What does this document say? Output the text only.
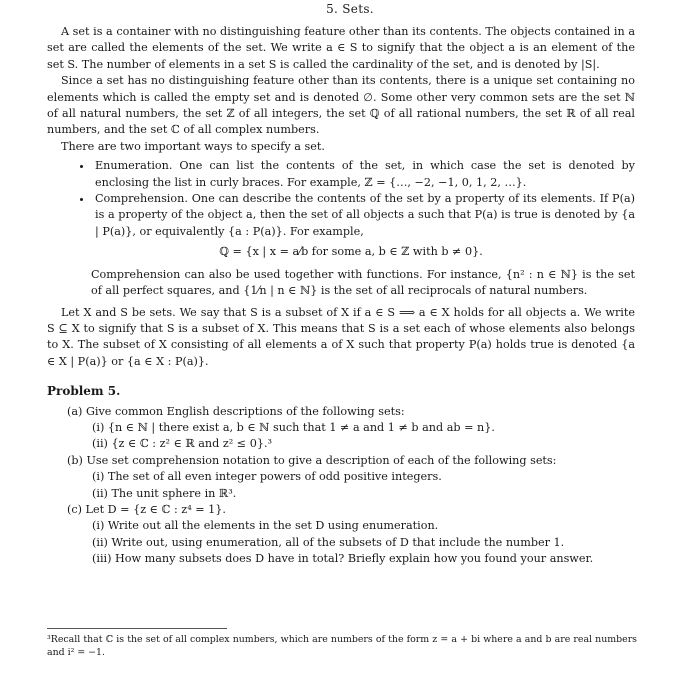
5. Sets.

A set is a container with no distinguishing feature other than its contents. The objects contained in a set are called the elements of the set. We write a ∈ S to signify that the object a is an element of the set S. The number of elements in a set S is called the cardinality of the set, and is denoted by |S|.

Since a set has no distinguishing feature other than its contents, there is a unique set containing no elements which is called the empty set and is denoted ∅. Some other very common sets are the set ℕ of all natural numbers, the set ℤ of all integers, the set ℚ of all rational numbers, the set ℝ of all real numbers, and the set ℂ of all complex numbers.

There are two important ways to specify a set.

• Enumeration. One can list the contents of the set, in which case the set is denoted by enclosing the list in curly braces. For example, ℤ = {…, −2, −1, 0, 1, 2, …}.
• Comprehension. One can describe the contents of the set by a property of its elements. If P(a) is a property of the object a, then the set of all objects a such that P(a) is true is denoted by {a | P(a)}, or equivalently {a : P(a)}. For example,

ℚ = {x | x = a⁄b for some a, b ∈ ℤ with b ≠ 0}.

Comprehension can also be used together with functions. For instance, {n² : n ∈ ℕ} is the set of all perfect squares, and {1⁄n | n ∈ ℕ} is the set of all reciprocals of natural numbers.

Let X and S be sets. We say that S is a subset of X if a ∈ S ⟹ a ∈ X holds for all objects a. We write S ⊆ X to signify that S is a subset of X. This means that S is a set each of whose elements also belongs to X. The subset of X consisting of all elements a of X such that property P(a) holds true is denoted {a ∈ X | P(a)} or {a ∈ X : P(a)}.

Problem 5.

(a) Give common English descriptions of the following sets:

(i) {n ∈ ℕ | there exist a, b ∈ ℕ such that 1 ≠ a and 1 ≠ b and ab = n}.

(ii) {z ∈ ℂ : z² ∈ ℝ and z² ≤ 0}.³

(b) Use set comprehension notation to give a description of each of the following sets:

(i) The set of all even integer powers of odd positive integers.

(ii) The unit sphere in ℝ³.

(c) Let D = {z ∈ ℂ : z⁴ = 1}.

(i) Write out all the elements in the set D using enumeration.

(ii) Write out, using enumeration, all of the subsets of D that include the number 1.

(iii) How many subsets does D have in total? Briefly explain how you found your answer.

³Recall that ℂ is the set of all complex numbers, which are numbers of the form z = a + bi where a and b are real numbers and i² = −1.
